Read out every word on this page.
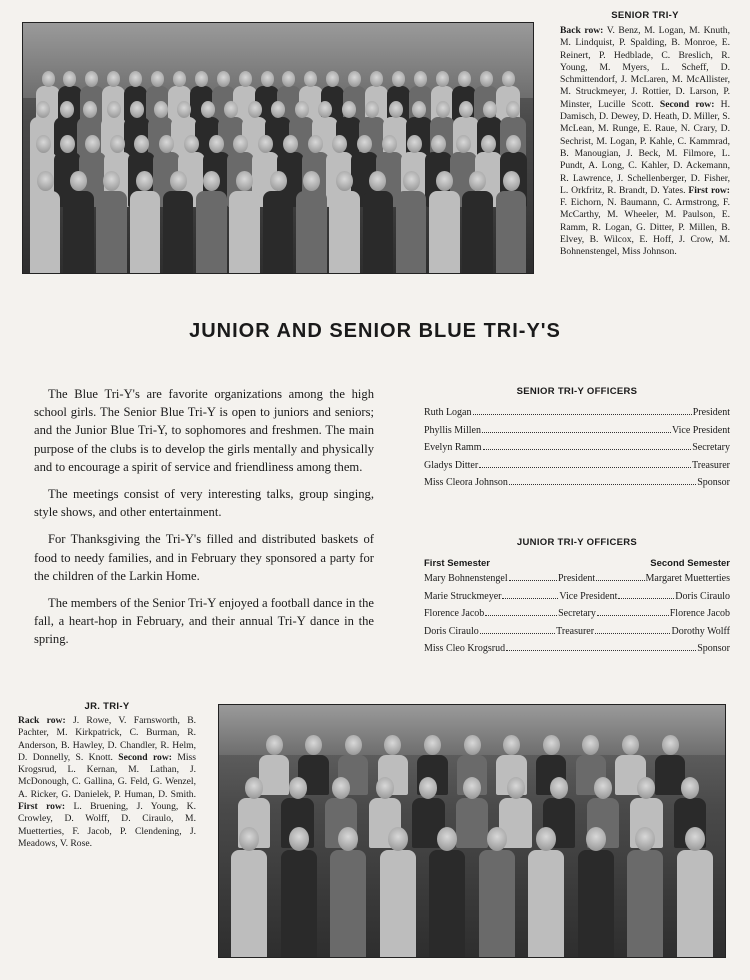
SENIOR TRI-Y
Back row: V. Benz, M. Logan, M. Knuth, M. Lindquist, P. Spalding, B. Monroe, E. Reinert, P. Hedblade, C. Breslich, R. Young, M. Myers, L. Scheff, D. Schmittendorf, J. McLaren, M. McAllister, M. Struckmeyer, J. Rottier, D. Larson, P. Minster, Lucille Scott. Second row: H. Damisch, D. Dewey, D. Heath, D. Miller, S. McLean, M. Runge, E. Raue, N. Crary, D. Sechrist, M. Logan, P. Kahle, C. Kammrad, B. Manougian, J. Beck, M. Filmore, L. Pundt, A. Long, C. Kahler, D. Ackemann, R. Lawrence, J. Schellenberger, D. Fisher, L. Orkfritz, R. Brandt, D. Yates. First row: F. Eichorn, N. Baumann, C. Armstrong, F. McCarthy, M. Wheeler, M. Paulson, E. Ramm, R. Logan, G. Ditter, P. Millen, B. Elvey, B. Wilcox, E. Hoff, J. Crow, M. Bohnenstengel, Miss Johnson.
JUNIOR AND SENIOR BLUE TRI-Y'S

The Blue Tri-Y's are favorite organizations among the high school girls. The Senior Blue Tri-Y is open to juniors and seniors; and the Junior Blue Tri-Y, to sophomores and freshmen. The main purpose of the clubs is to develop the girls mentally and physically and to encourage a spirit of service and friendliness among them.

The meetings consist of very interesting talks, group singing, style shows, and other entertainment.

For Thanksgiving the Tri-Y's filled and distributed baskets of food to needy families, and in February they sponsored a party for the children of the Larkin Home.

The members of the Senior Tri-Y enjoyed a football dance in the fall, a heart-hop in February, and their annual Tri-Y dance in the spring.

SENIOR TRI-Y OFFICERS
Ruth Logan	President
Phyllis Millen	Vice President
Evelyn Ramm	Secretary
Gladys Ditter	Treasurer
Miss Cleora Johnson	Sponsor
JUNIOR TRI-Y OFFICERS
First Semester	Second Semester
Mary Bohnenstengel	President	Margaret Muetterties
Marie Struckmeyer	Vice President	Doris Ciraulo
Florence Jacob	Secretary	Florence Jacob
Doris Ciraulo	Treasurer	Dorothy Wolff
Miss Cleo Krogsrud	Sponsor
JR. TRI-Y
Rack row: J. Rowe, V. Farnsworth, B. Pachter, M. Kirkpatrick, C. Burman, R. Anderson, B. Hawley, D. Chandler, R. Helm, D. Donnelly, S. Knott. Second row: Miss Krogsrud, L. Kernan, M. Lathan, J. McDonough, C. Gallina, G. Feld, G. Wenzel, A. Ricker, G. Danielek, P. Human, D. Smith. First row: L. Bruening, J. Young, K. Crowley, D. Wolff, D. Ciraulo, M. Muetterties, F. Jacob, P. Clendening, J. Meadows, V. Rose.
